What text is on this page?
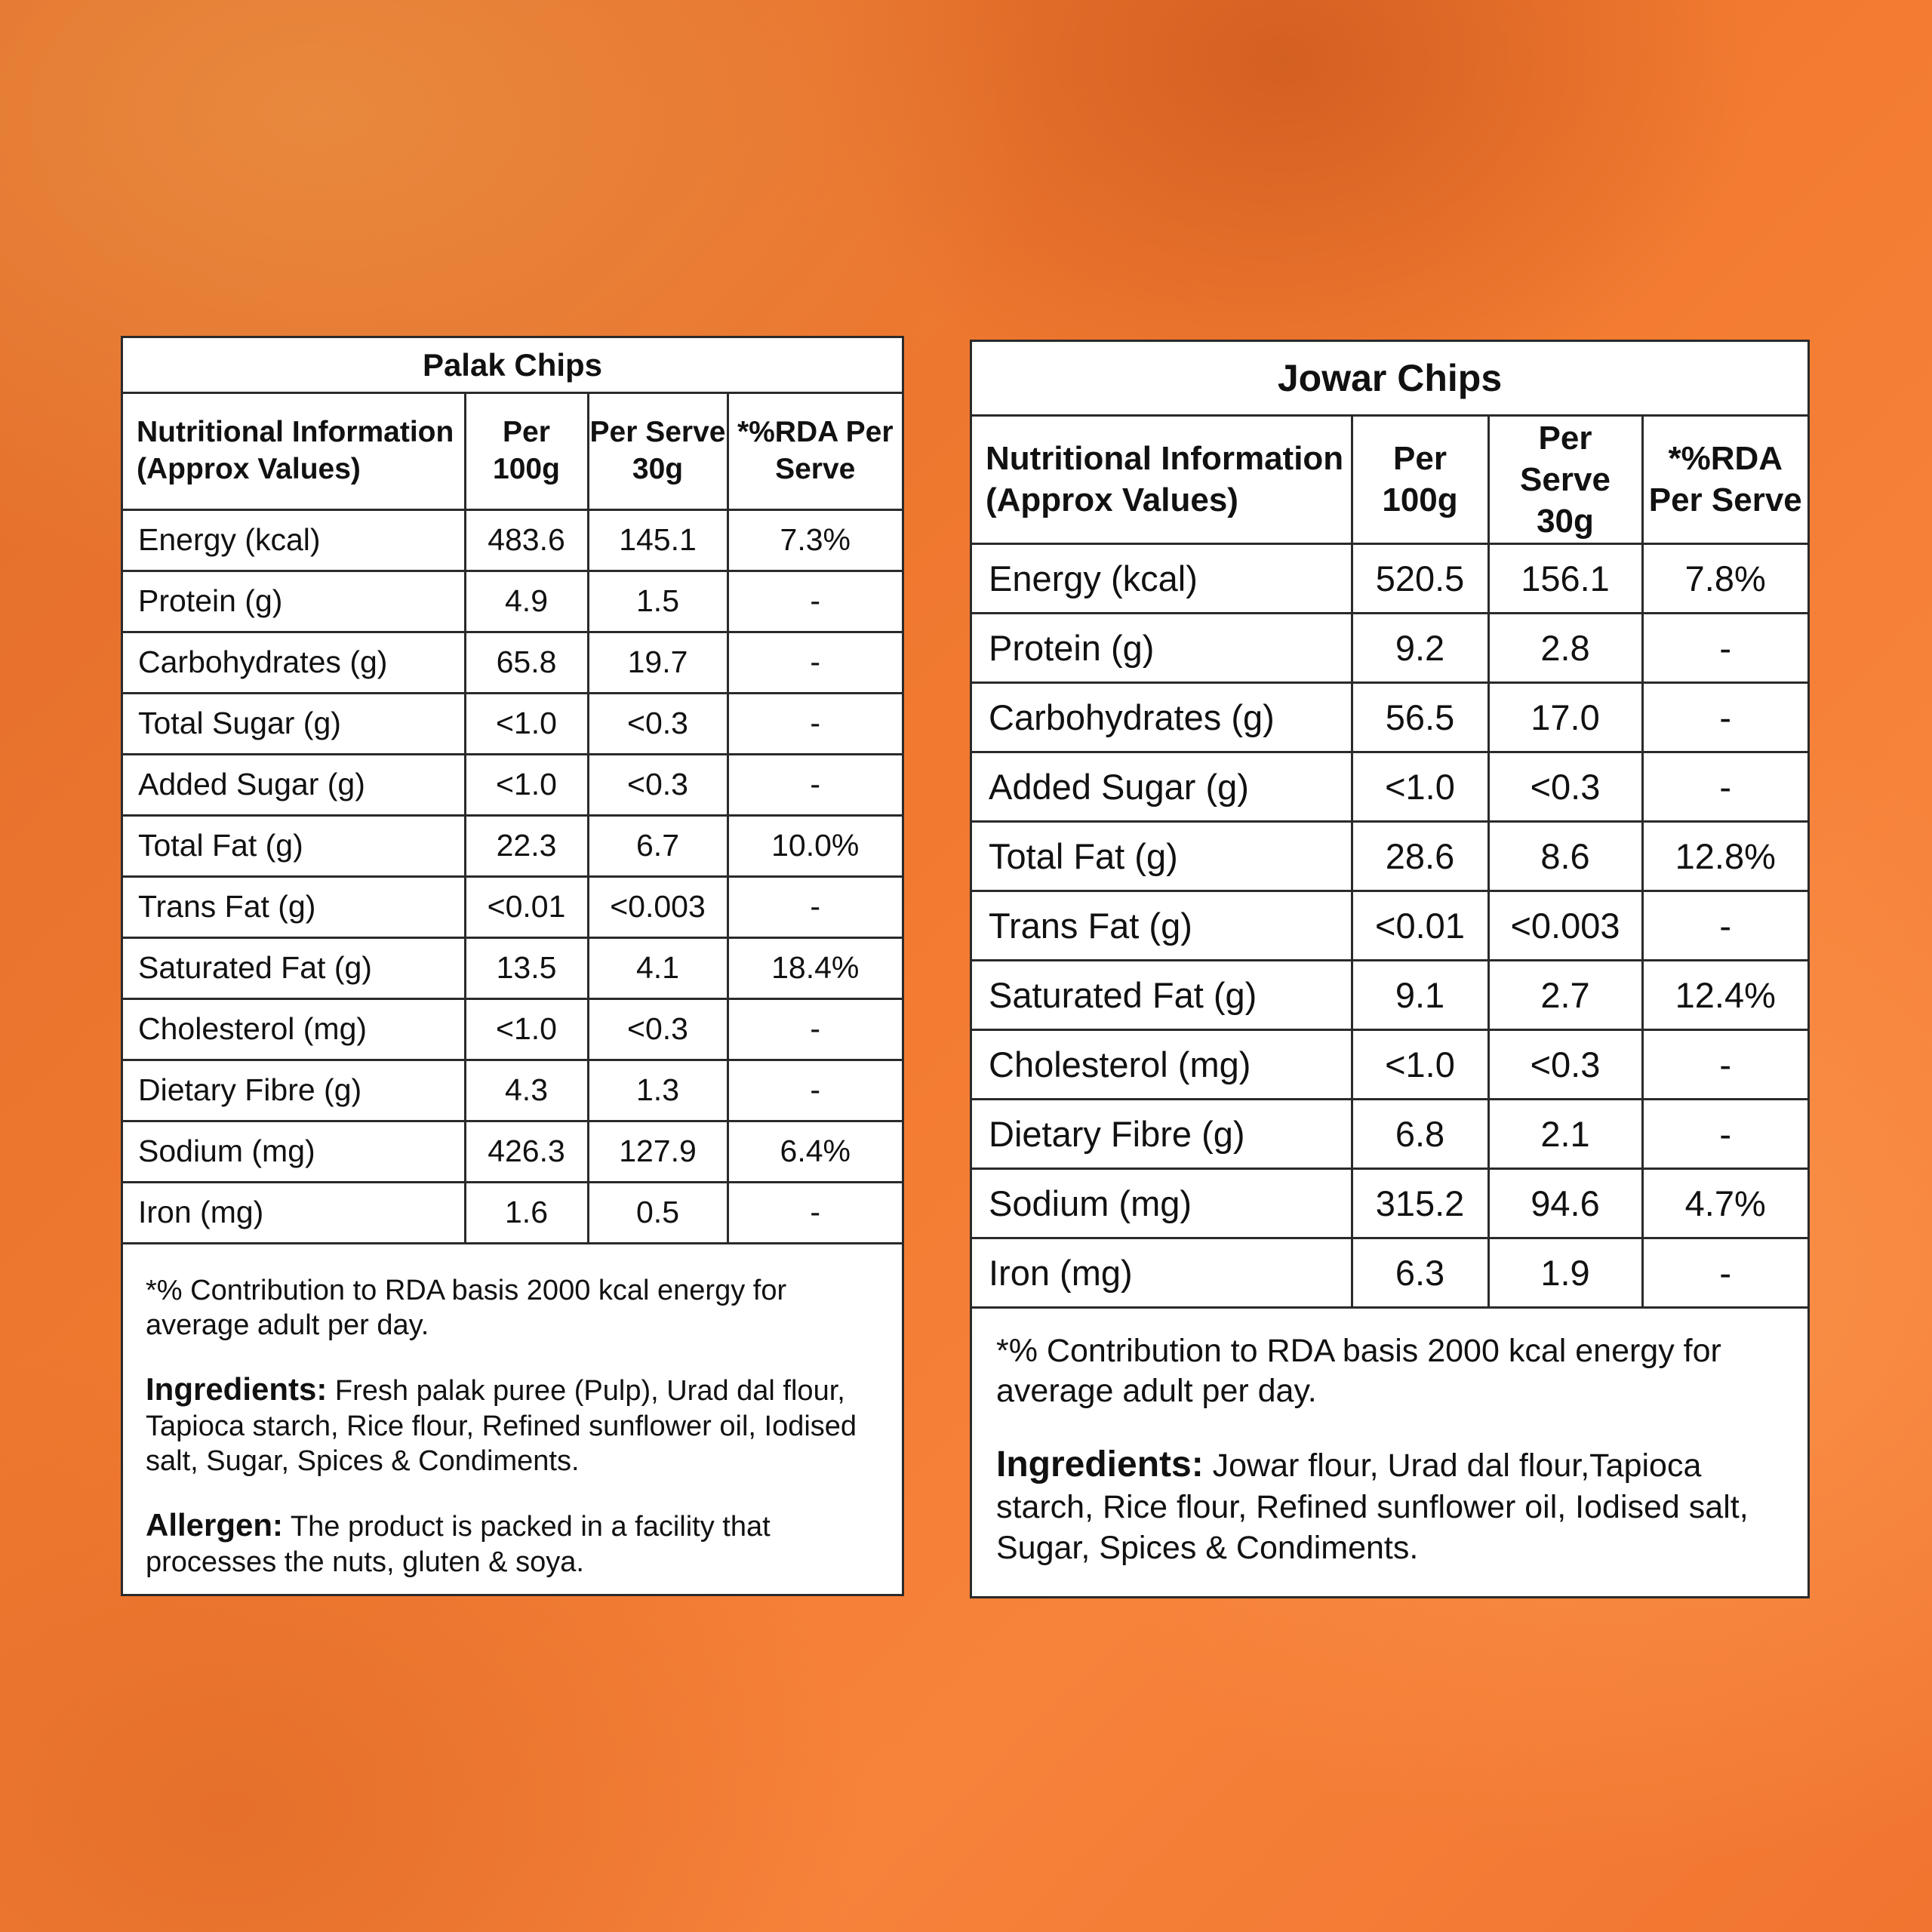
Palak Chips
Nutritional Information (Approx Values)	Per 100g	Per Serve 30g	*%RDA Per Serve
Energy (kcal)	483.6	145.1	7.3%
Protein (g)	4.9	1.5	-
Carbohydrates (g)	65.8	19.7	-
Total Sugar (g)	<1.0	<0.3	-
Added Sugar (g)	<1.0	<0.3	-
Total Fat (g)	22.3	6.7	10.0%
Trans Fat (g)	<0.01	<0.003	-
Saturated Fat (g)	13.5	4.1	18.4%
Cholesterol (mg)	<1.0	<0.3	-
Dietary Fibre (g)	4.3	1.3	-
Sodium (mg)	426.3	127.9	6.4%
Iron (mg)	1.6	0.5	-

*% Contribution to RDA basis 2000 kcal energy for average adult per day.

Ingredients: Fresh palak puree (Pulp), Urad dal flour, Tapioca starch, Rice flour, Refined sunflower oil, Iodised salt, Sugar, Spices & Condiments.

Allergen: The product is packed in a facility that processes the nuts, gluten & soya.

Jowar Chips
Nutritional Information (Approx Values)	Per 100g	Per Serve 30g	*%RDA Per Serve
Energy (kcal)	520.5	156.1	7.8%
Protein (g)	9.2	2.8	-
Carbohydrates (g)	56.5	17.0	-
Added Sugar (g)	<1.0	<0.3	-
Total Fat (g)	28.6	8.6	12.8%
Trans Fat (g)	<0.01	<0.003	-
Saturated Fat (g)	9.1	2.7	12.4%
Cholesterol (mg)	<1.0	<0.3	-
Dietary Fibre (g)	6.8	2.1	-
Sodium (mg)	315.2	94.6	4.7%
Iron (mg)	6.3	1.9	-

*% Contribution to RDA basis 2000 kcal energy for average adult per day.

Ingredients: Jowar flour, Urad dal flour,Tapioca starch, Rice flour, Refined sunflower oil, Iodised salt, Sugar, Spices & Condiments.
